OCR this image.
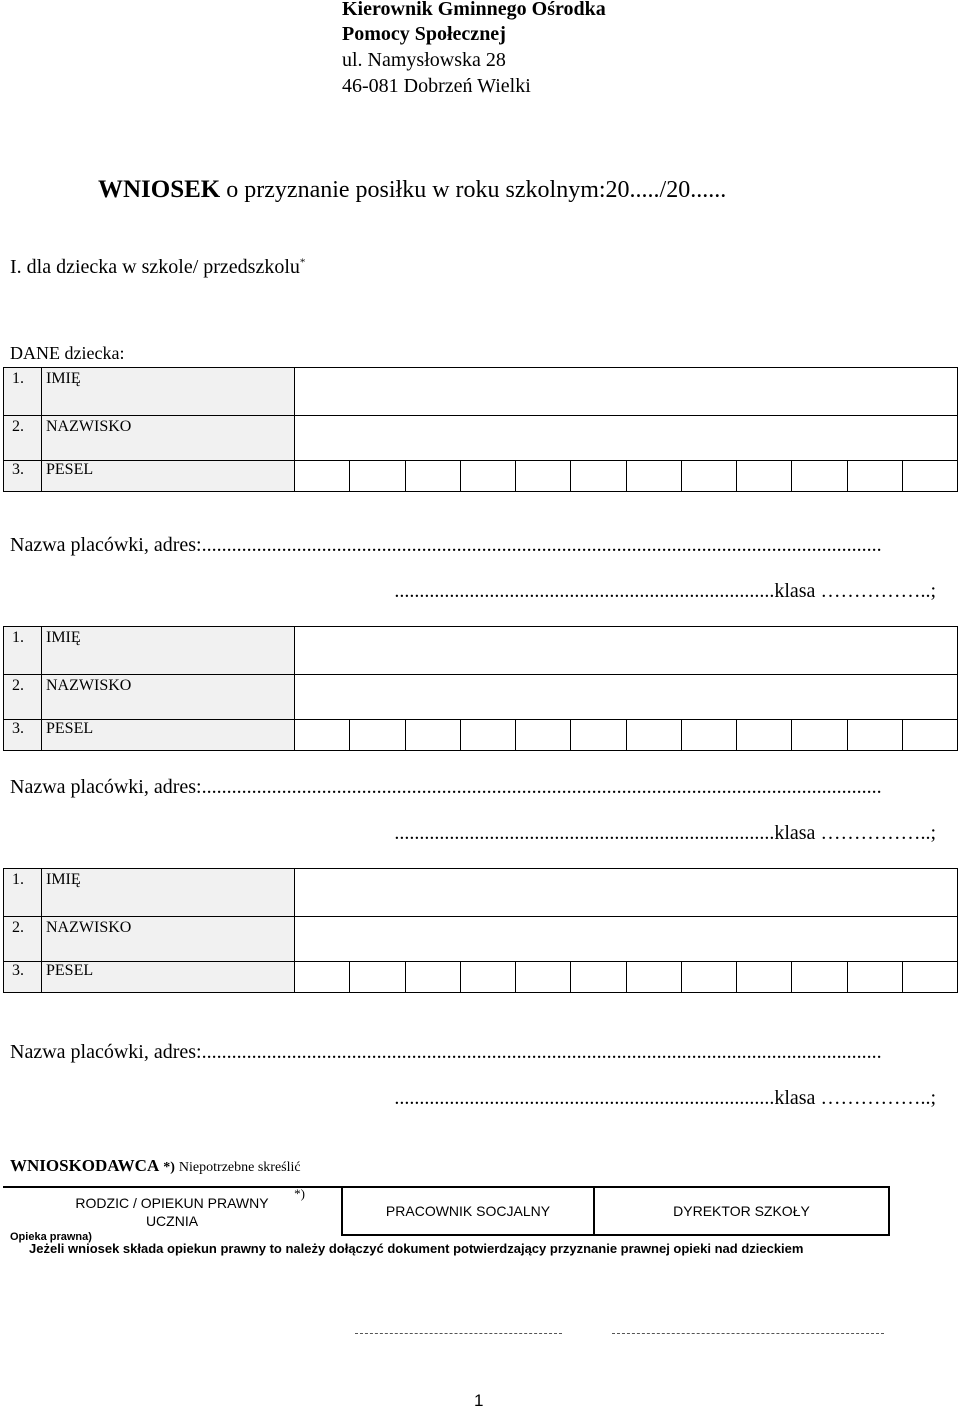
Kierownik Gminnego Ośrodka
Pomocy Społecznej
ul. Namysłowska 28
46-081 Dobrzeń Wielki
WNIOSEK o przyznanie posiłku w roku szkolnym:20...../20......
I. dla dziecka w szkole/ przedszkolu*
DANE dziecka:
1.	IMIĘ												
2.	NAZWISKO												
3.	PESEL												
Nazwa placówki, adres:........................................................................................................................................
............................................................................klasa ……………..;
1.	IMIĘ												
2.	NAZWISKO												
3.	PESEL												
Nazwa placówki, adres:........................................................................................................................................
............................................................................klasa ……………..;
1.	IMIĘ												
2.	NAZWISKO												
3.	PESEL												
Nazwa placówki, adres:........................................................................................................................................
............................................................................klasa ……………..;
WNIOSKODAWCA *) Niepotrzebne skreślić
*)
RODZIC / OPIEKUN PRAWNY
UCZNIA
	PRACOWNIK SOCJALNY	DYREKTOR SZKOŁY
Opieka prawna)
Jeżeli wniosek składa opiekun prawny to należy dołączyć dokument potwierdzający przyznanie prawnej opieki nad dzieckiem
1
